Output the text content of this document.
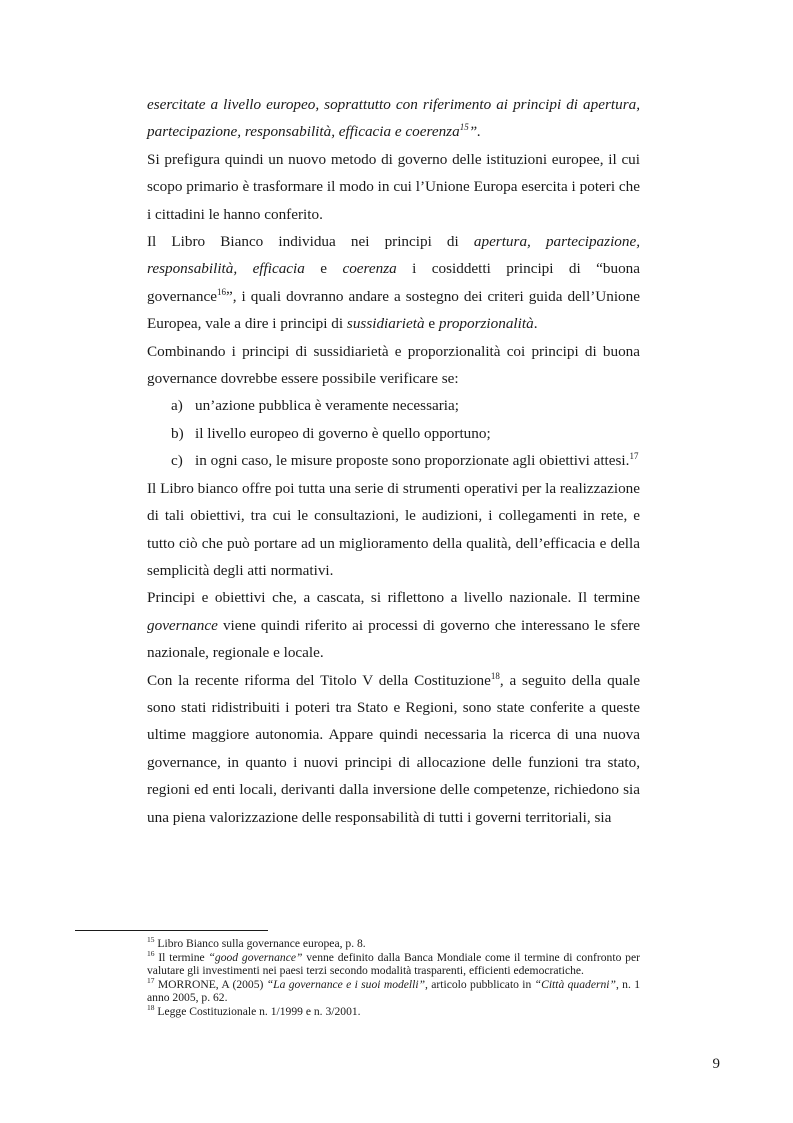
esercitate a livello europeo, soprattutto con riferimento ai principi di apertura, partecipazione, responsabilità, efficacia e coerenza$^{15}$”.

Si prefigura quindi un nuovo metodo di governo delle istituzioni europee, il cui scopo primario è trasformare il modo in cui l’Unione Europa esercita i poteri che i cittadini le hanno conferito.

Il Libro Bianco individua nei principi di apertura, partecipazione, responsabilità, efficacia e coerenza i cosiddetti principi di “buona governance$^{16}$”, i quali dovranno andare a sostegno dei criteri guida dell’Unione Europea, vale a dire i principi di sussidiarietà e proporzionalità.

Combinando i principi di sussidiarietà e proporzionalità coi principi di buona governance dovrebbe essere possibile verificare se:

a) un’azione pubblica è veramente necessaria;
b) il livello europeo di governo è quello opportuno;
c) in ogni caso, le misure proposte sono proporzionate agli obiettivi attesi.$^{17}$

Il Libro bianco offre poi tutta una serie di strumenti operativi per la realizzazione di tali obiettivi, tra cui le consultazioni, le audizioni, i collegamenti in rete, e tutto ciò che può portare ad un miglioramento della qualità, dell’efficacia e della semplicità degli atti normativi.

Principi e obiettivi che, a cascata, si riflettono a livello nazionale. Il termine governance viene quindi riferito ai processi di governo che interessano le sfere nazionale, regionale e locale.

Con la recente riforma del Titolo V della Costituzione$^{18}$, a seguito della quale sono stati ridistribuiti i poteri tra Stato e Regioni, sono state conferite a queste ultime maggiore autonomia. Appare quindi necessaria la ricerca di una nuova governance, in quanto i nuovi principi di allocazione delle funzioni tra stato, regioni ed enti locali, derivanti dalla inversione delle competenze, richiedono sia una piena valorizzazione delle responsabilità di tutti i governi territoriali, sia

$^{15}$ Libro Bianco sulla governance europea, p. 8.

$^{16}$ Il termine “good governance” venne definito dalla Banca Mondiale come il termine di confronto per valutare gli investimenti nei paesi terzi secondo modalità trasparenti, efficienti edemocratiche.

$^{17}$ MORRONE, A (2005) “La governance e i suoi modelli”, articolo pubblicato in “Città quaderni”, n. 1 anno 2005, p. 62.

$^{18}$ Legge Costituzionale n. 1/1999 e n. 3/2001.

9
